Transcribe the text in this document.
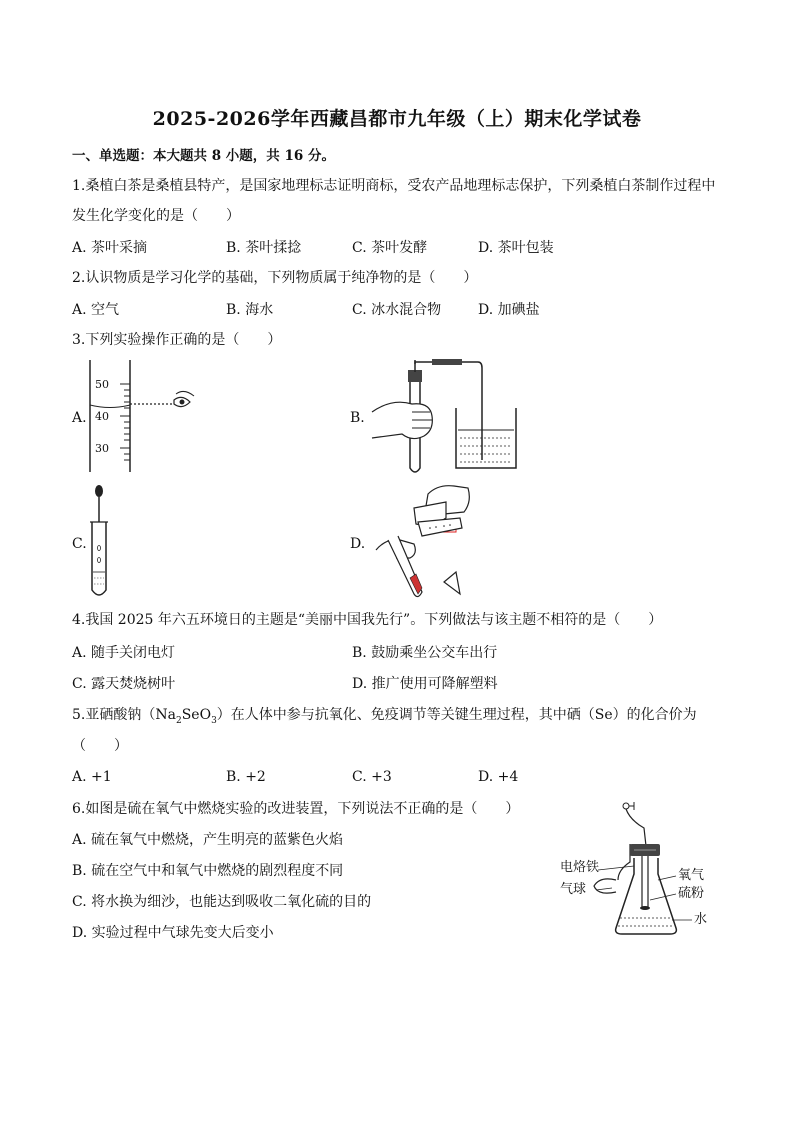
2025-2026学年西藏昌都市九年级（上）期末化学试卷
一、单选题：本大题共 8 小题，共 16 分。
1.桑植白茶是桑植县特产，是国家地理标志证明商标，受农产品地理标志保护，下列桑植白茶制作过程中
发生化学变化的是（　　）
A. 茶叶采摘	B. 茶叶揉捻	C. 茶叶发酵	D. 茶叶包装
2.认识物质是学习化学的基础，下列物质属于纯净物的是（　　）
A. 空气	B. 海水	C. 冰水混合物	D. 加碘盐
3.下列实验操作正确的是（　　）
A.	B.
C.	D.
50
40
30
4.我国 2025 年六五环境日的主题是“美丽中国我先行”。下列做法与该主题不相符的是（　　）
A. 随手关闭电灯	B. 鼓励乘坐公交车出行
C. 露天焚烧树叶	D. 推广使用可降解塑料
5.亚硒酸钠$(Na_2SeO_3)$在人体中参与抗氧化、免疫调节等关键生理过程，其中硒（Se）的化合价为
（　　）
A. +1	B. +2	C. +3	D. +4
6.如图是硫在氧气中燃烧实验的改进装置，下列说法不正确的是（　　）
A. 硫在氧气中燃烧，产生明亮的蓝紫色火焰
B. 硫在空气中和氧气中燃烧的剧烈程度不同
C. 将水换为细沙，也能达到吸收二氧化硫的目的
D. 实验过程中气球先变大后变小
电烙铁
气球
氧气
硫粉
水
